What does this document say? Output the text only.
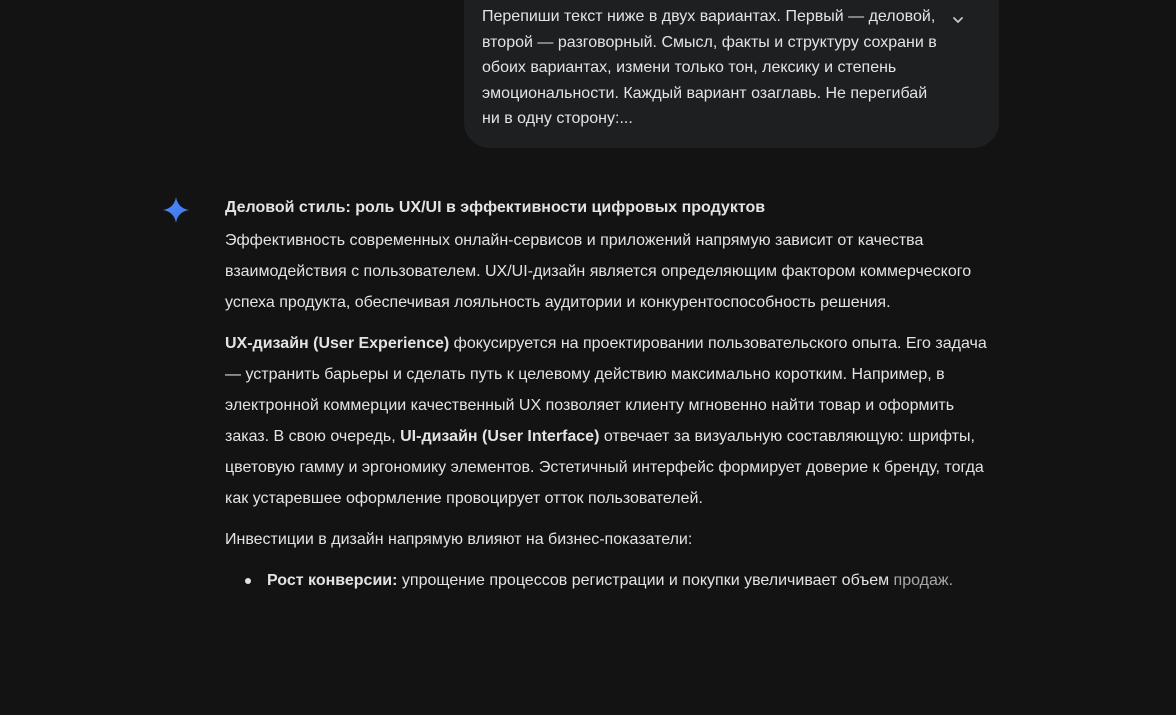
Перепиши текст ниже в двух вариантах. Первый — деловой, второй — разговорный. Смысл, факты и структуру сохрани в обоих вариантах, измени только тон, лексику и степень эмоциональности. Каждый вариант озаглавь. Не перегибай ни в одну сторону:...
Деловой стиль: роль UX/UI в эффективности цифровых продуктов

Эффективность современных онлайн-сервисов и приложений напрямую зависит от качества взаимодействия с пользователем. UX/UI-дизайн является определяющим фактором коммерческого успеха продукта, обеспечивая лояльность аудитории и конкурентоспособность решения.

UX-дизайн (User Experience) фокусируется на проектировании пользовательского опыта. Его задача — устранить барьеры и сделать путь к целевому действию максимально коротким. Например, в электронной коммерции качественный UX позволяет клиенту мгновенно найти товар и оформить заказ. В свою очередь, UI-дизайн (User Interface) отвечает за визуальную составляющую: шрифты, цветовую гамму и эргономику элементов. Эстетичный интерфейс формирует доверие к бренду, тогда как устаревшее оформление провоцирует отток пользователей.

Инвестиции в дизайн напрямую влияют на бизнес-показатели:

Рост конверсии: упрощение процессов регистрации и покупки увеличивает объем продаж.
